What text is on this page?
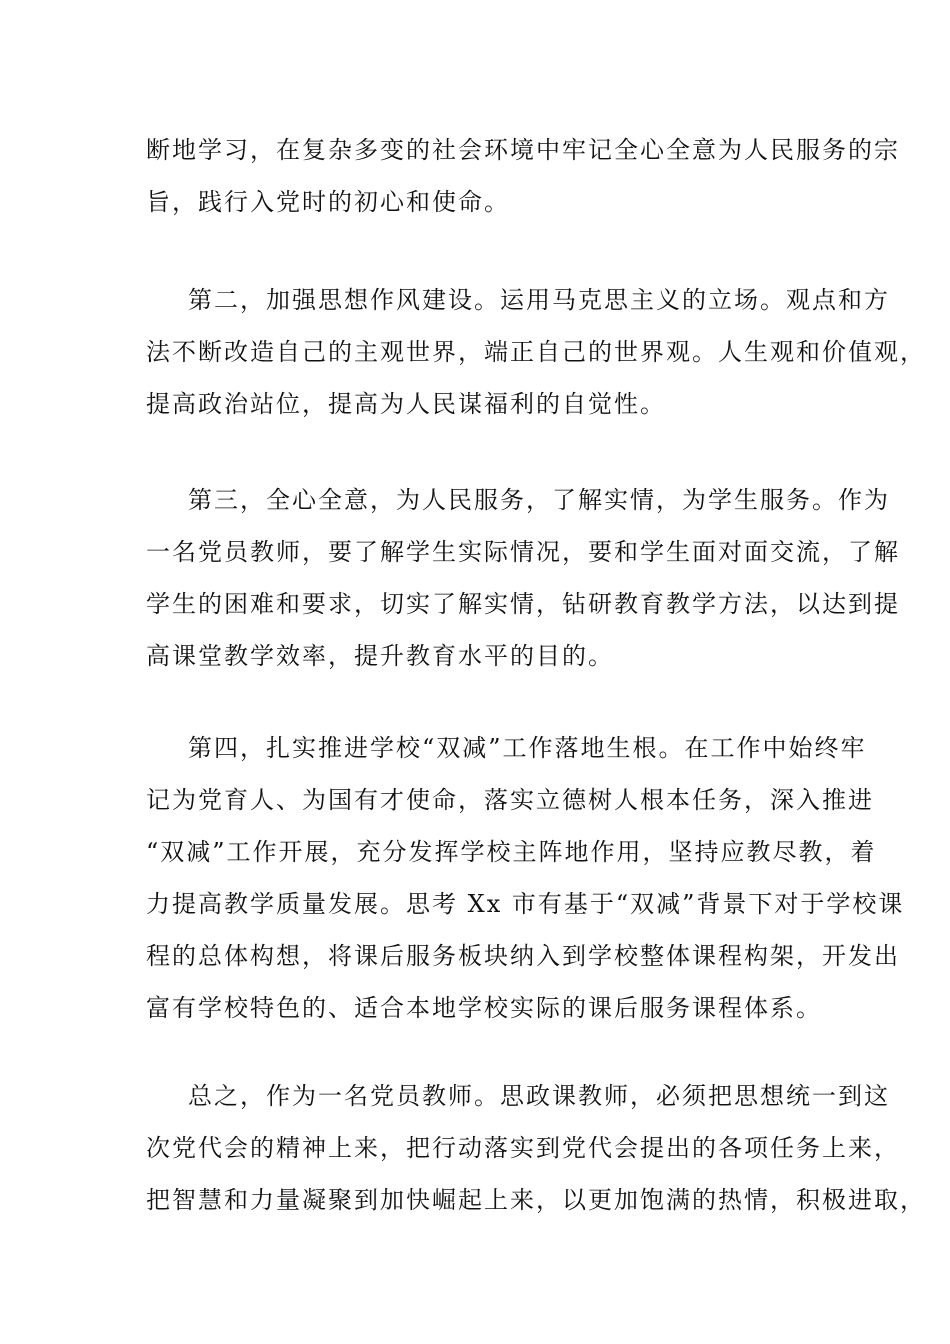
断地学习，在复杂多变的社会环境中牢记全心全意为人民服务的宗
旨，践行入党时的初心和使命。

第二，加强思想作风建设。运用马克思主义的立场。观点和方
法不断改造自己的主观世界，端正自己的世界观。人生观和价值观，
提高政治站位，提高为人民谋福利的自觉性。

第三，全心全意，为人民服务，了解实情，为学生服务。作为
一名党员教师，要了解学生实际情况，要和学生面对面交流，了解
学生的困难和要求，切实了解实情，钻研教育教学方法，以达到提
高课堂教学效率，提升教育水平的目的。

第四，扎实推进学校“双减”工作落地生根。在工作中始终牢
记为党育人、为国有才使命，落实立德树人根本任务，深入推进
“双减”工作开展，充分发挥学校主阵地作用，坚持应教尽教，着
力提高教学质量发展。思考 Xx 市有基于“双减”背景下对于学校课
程的总体构想，将课后服务板块纳入到学校整体课程构架，开发出
富有学校特色的、适合本地学校实际的课后服务课程体系。

总之，作为一名党员教师。思政课教师，必须把思想统一到这
次党代会的精神上来，把行动落实到党代会提出的各项任务上来，
把智慧和力量凝聚到加快崛起上来，以更加饱满的热情，积极进取，
